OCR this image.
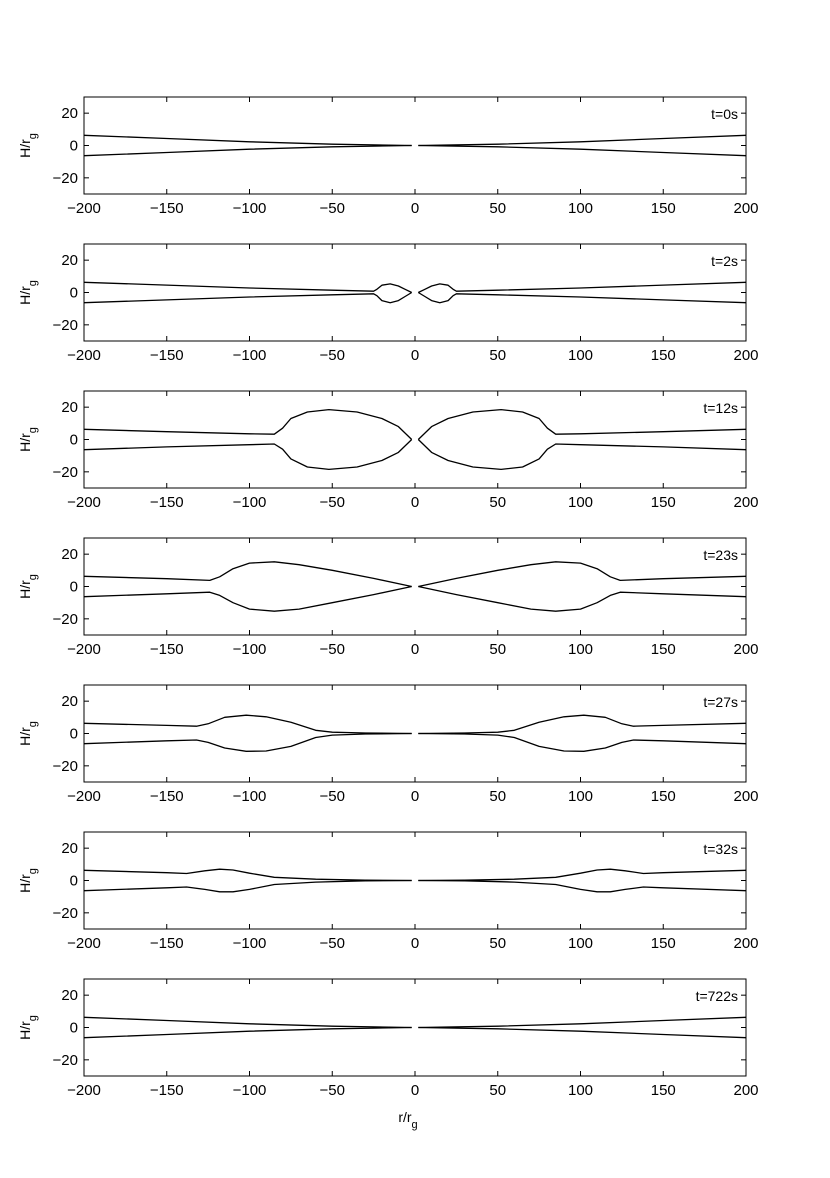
−200	−150	−100	−50	0	50	100	150	200
−20
0
20
$H/r_g$
t=0s
−200	−150	−100	−50	0	50	100	150	200
−20
0
20
$H/r_g$
t=2s
−200	−150	−100	−50	0	50	100	150	200
−20
0
20
$H/r_g$
t=12s
−200	−150	−100	−50	0	50	100	150	200
−20
0
20
$H/r_g$
t=23s
−200	−150	−100	−50	0	50	100	150	200
−20
0
20
$H/r_g$
t=27s
−200	−150	−100	−50	0	50	100	150	200
−20
0
20
$H/r_g$
t=32s
−200	−150	−100	−50	0	50	100	150	200
−20
0
20
$H/r_g$
t=722s
$r/r_g$
